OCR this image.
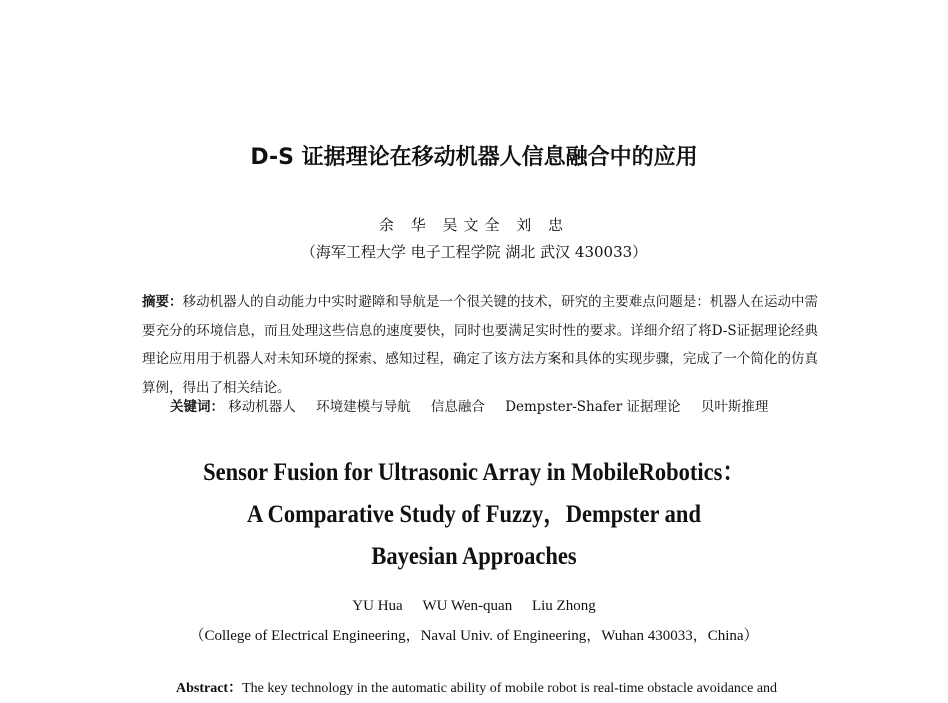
D-S 证据理论在移动机器人信息融合中的应用
余 华 吴文全 刘 忠
（海军工程大学 电子工程学院 湖北 武汉 430033）
摘要：移动机器人的自动能力中实时避障和导航是一个很关键的技术，研究的主要难点问题是：机器人在运动中需要充分的环境信息，而且处理这些信息的速度要快，同时也要满足实时性的要求。详细介绍了将D-S证据理论经典理论应用用于机器人对未知环境的探索、感知过程，确定了该方法方案和具体的实现步骤，完成了一个简化的仿真算例，得出了相关结论。
关键词： 移动机器人 环境建模与导航 信息融合 Dempster-Shafer 证据理论 贝叶斯推理
Sensor Fusion for Ultrasonic Array in MobileRobotics：
A Comparative Study of Fuzzy，Dempster and
Bayesian Approaches
YU Hua WU Wen-quan Liu Zhong
（College of Electrical Engineering，Naval Univ. of Engineering，Wuhan 430033，China）
Abstract：The key technology in the automatic ability of mobile robot is real-time obstacle avoidance and
